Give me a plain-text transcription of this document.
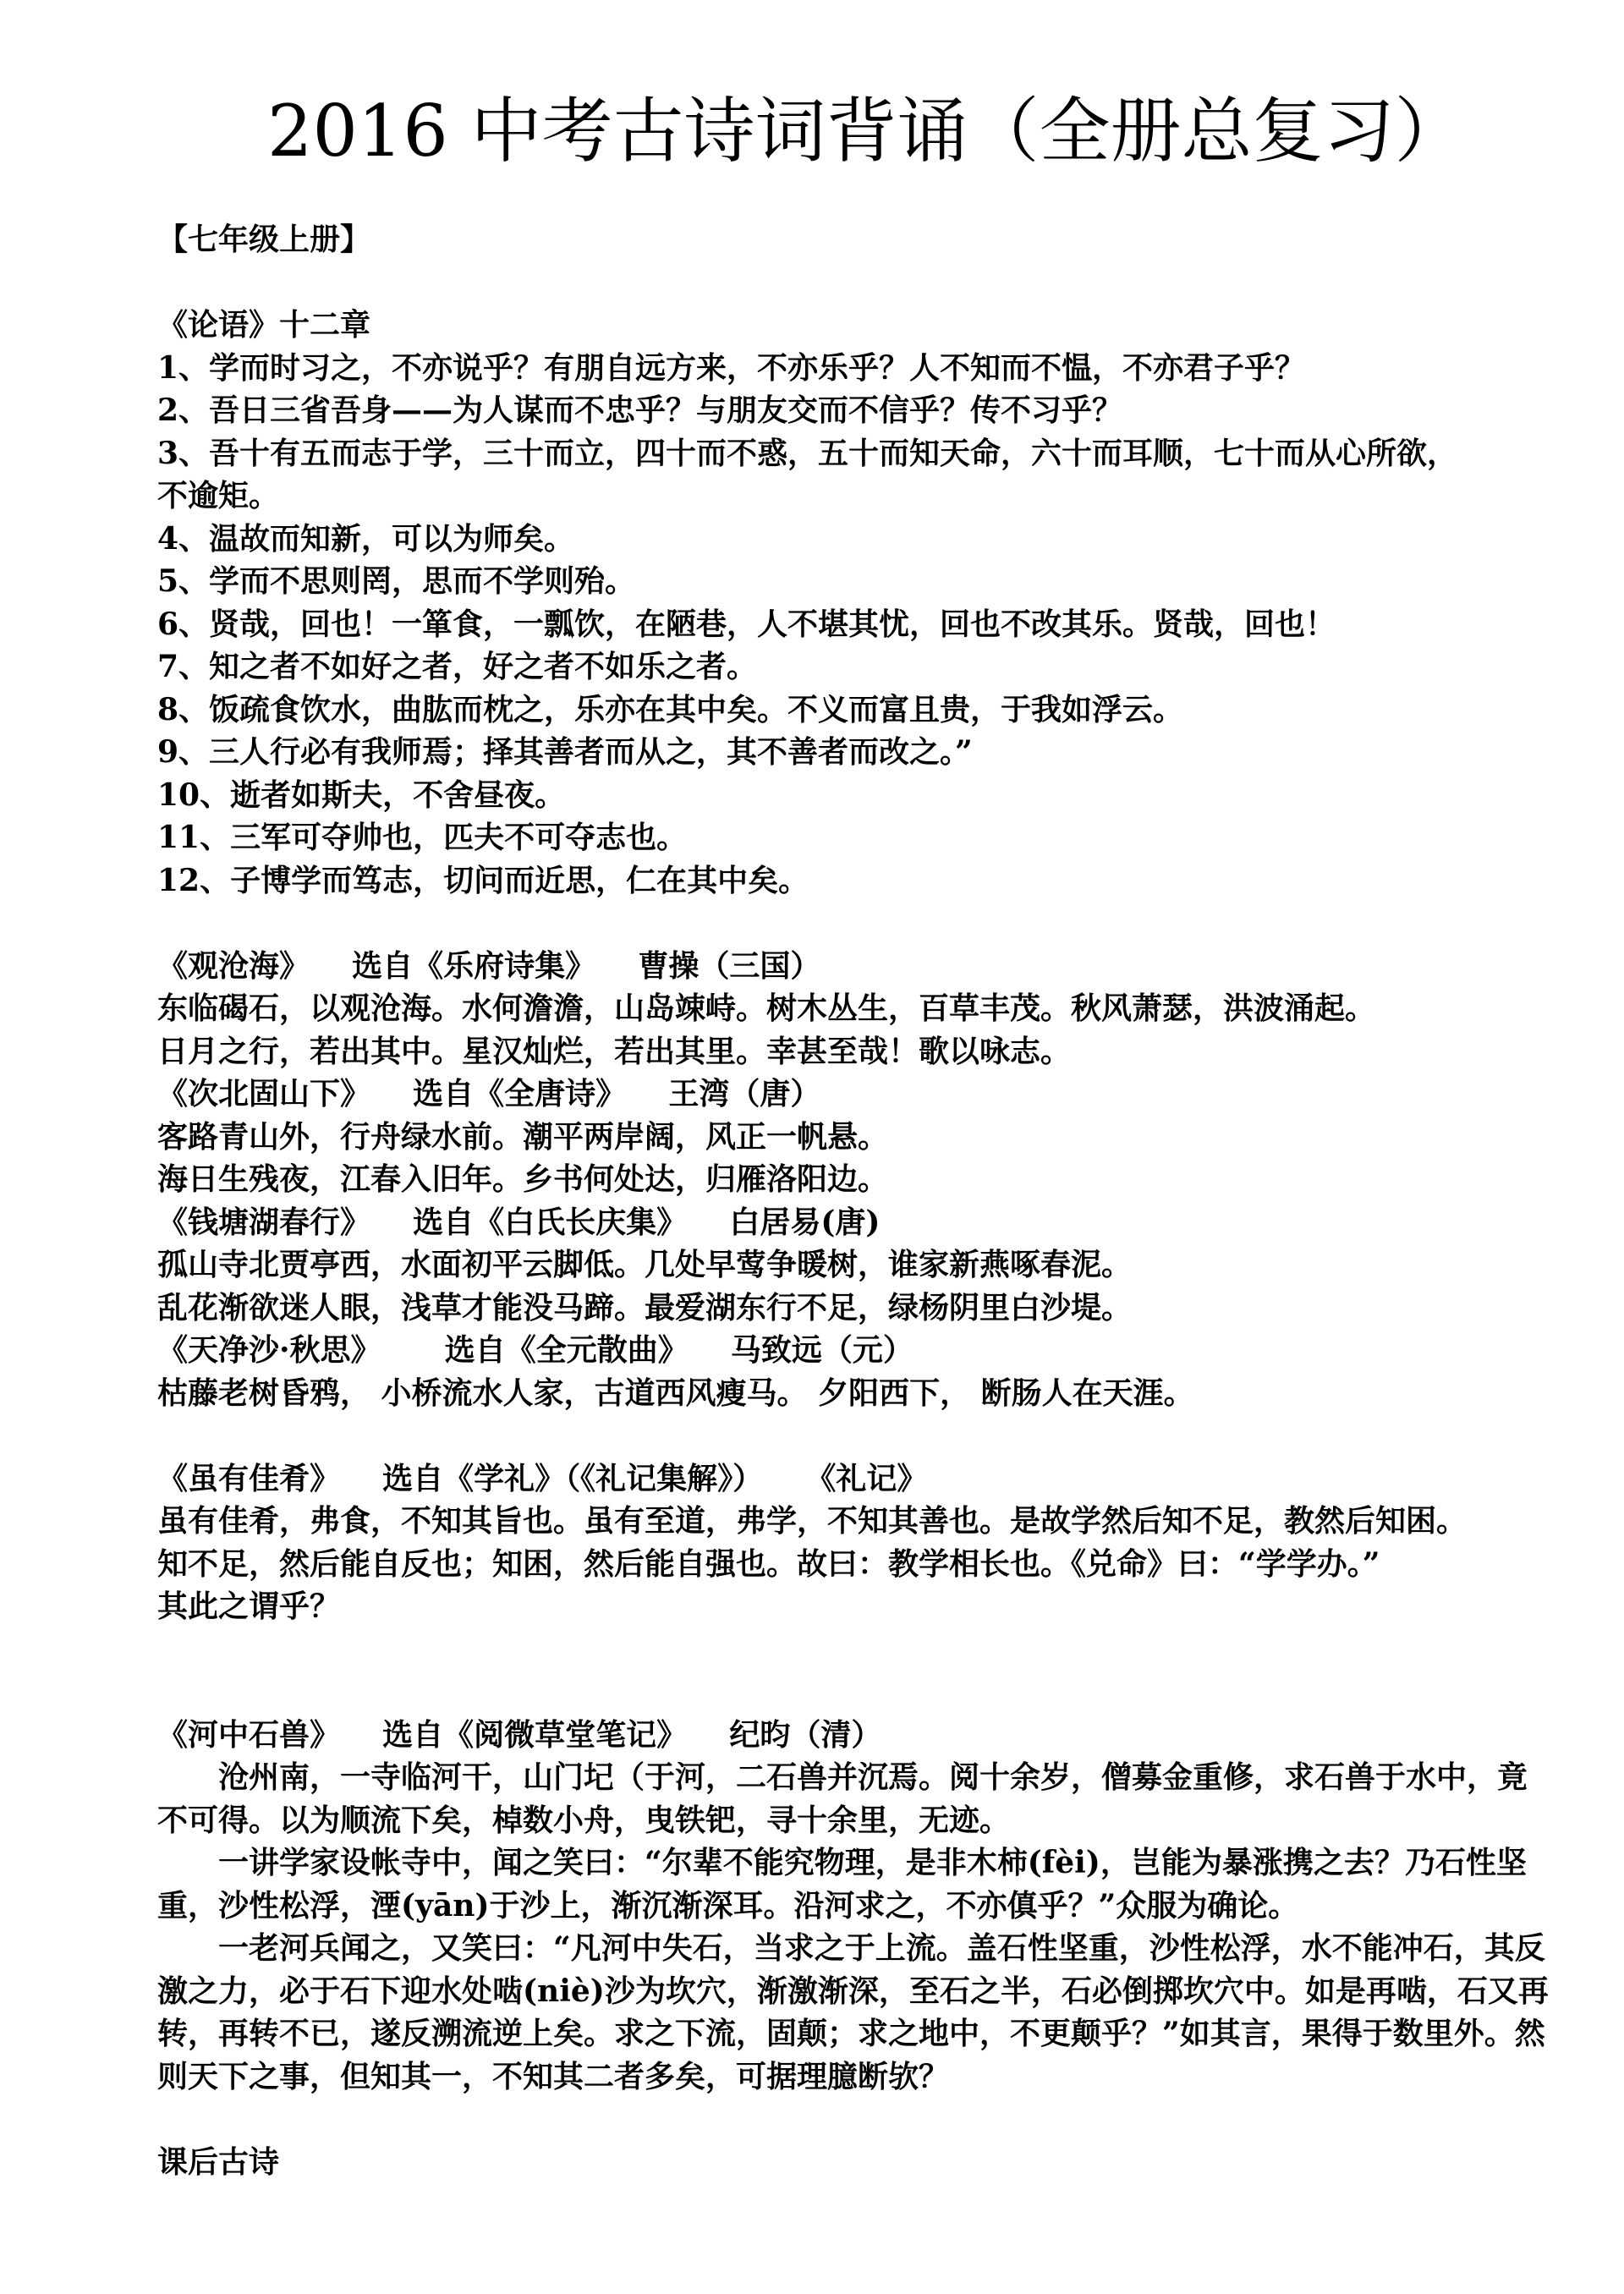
2016 中考古诗词背诵（全册总复习）
【七年级上册】
《论语》十二章
1、学而时习之，不亦说乎？有朋自远方来，不亦乐乎？人不知而不愠，不亦君子乎？
2、吾日三省吾身——为人谋而不忠乎？与朋友交而不信乎？传不习乎？
3、吾十有五而志于学，三十而立，四十而不惑，五十而知天命，六十而耳顺，七十而从心所欲，
不逾矩。
4、温故而知新，可以为师矣。
5、学而不思则罔，思而不学则殆。
6、贤哉，回也！一箪食，一瓢饮，在陋巷，人不堪其忧，回也不改其乐。贤哉，回也！
7、知之者不如好之者，好之者不如乐之者。
8、饭疏食饮水，曲肱而枕之，乐亦在其中矣。不义而富且贵，于我如浮云。
9、三人行必有我师焉；择其善者而从之，其不善者而改之。”
10、逝者如斯夫，不舍昼夜。
11、三军可夺帅也，匹夫不可夺志也。
12、子博学而笃志，切问而近思，仁在其中矣。
《观沧海》 选自《乐府诗集》 曹操（三国）
东临碣石，以观沧海。水何澹澹，山岛竦峙。树木丛生，百草丰茂。秋风萧瑟，洪波涌起。
日月之行，若出其中。星汉灿烂，若出其里。幸甚至哉！歌以咏志。
《次北固山下》 选自《全唐诗》 王湾（唐）
客路青山外，行舟绿水前。潮平两岸阔，风正一帆悬。
海日生残夜，江春入旧年。乡书何处达，归雁洛阳边。
《钱塘湖春行》 选自《白氏长庆集》 白居易(唐)
孤山寺北贾亭西，水面初平云脚低。几处早莺争暖树，谁家新燕啄春泥。
乱花渐欲迷人眼，浅草才能没马蹄。最爱湖东行不足，绿杨阴里白沙堤。
《天净沙·秋思》 选自《全元散曲》 马致远（元）
枯藤老树昏鸦， 小桥流水人家，古道西风瘦马。 夕阳西下， 断肠人在天涯。
《虽有佳肴》 选自《学礼》（《礼记集解》） 《礼记》
虽有佳肴，弗食，不知其旨也。虽有至道，弗学，不知其善也。是故学然后知不足，教然后知困。
知不足，然后能自反也；知困，然后能自强也。故曰：教学相长也。《兑命》曰：“学学办。”
其此之谓乎？
《河中石兽》 选自《阅微草堂笔记》 纪昀（清）
沧州南，一寺临河干，山门圮（于河，二石兽并沉焉。阅十余岁，僧募金重修，求石兽于水中，竟不可得。以为顺流下矣，棹数小舟，曳铁钯，寻十余里，无迹。
一讲学家设帐寺中，闻之笑曰：“尔辈不能究物理，是非木柿(fèi)，岂能为暴涨携之去？乃石性坚重，沙性松浮，湮(yān)于沙上，渐沉渐深耳。沿河求之，不亦傎乎？”众服为确论。
一老河兵闻之，又笑曰：“凡河中失石，当求之于上流。盖石性坚重，沙性松浮，水不能冲石，其反激之力，必于石下迎水处啮(niè)沙为坎穴，渐激渐深，至石之半，石必倒掷坎穴中。如是再啮，石又再转，再转不已，遂反溯流逆上矣。求之下流，固颠；求之地中，不更颠乎？”如其言，果得于数里外。然则天下之事，但知其一，不知其二者多矣，可据理臆断欤？
课后古诗
